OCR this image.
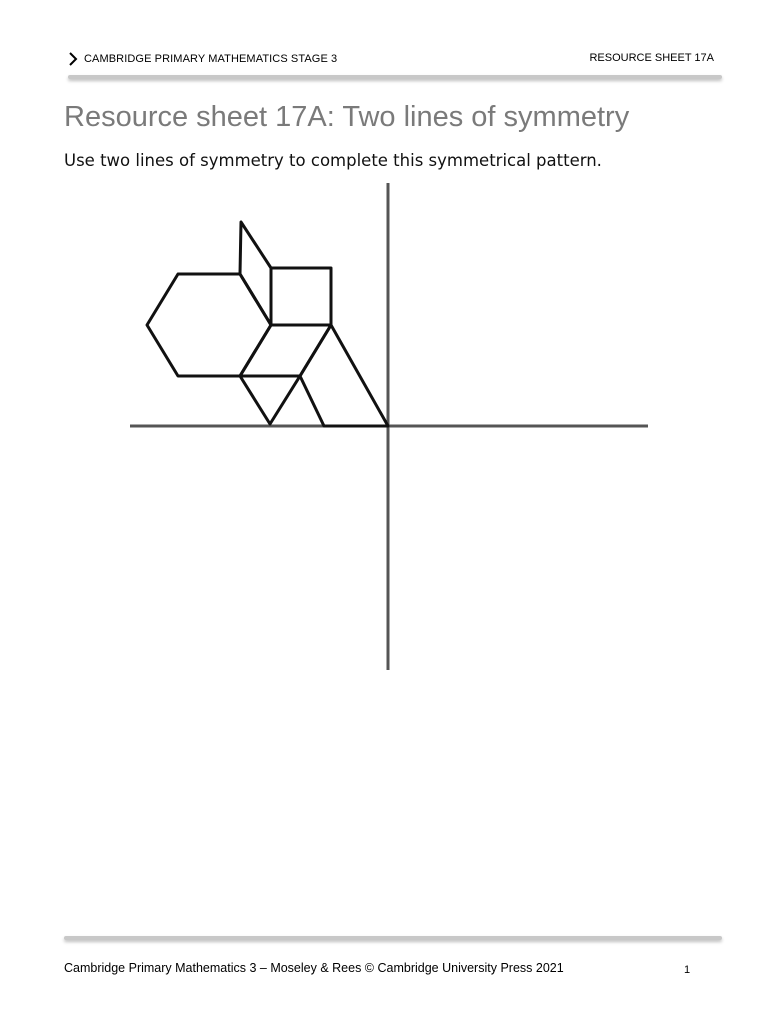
CAMBRIDGE PRIMARY MATHEMATICS STAGE 3	RESOURCE SHEET 17A
Resource sheet 17A: Two lines of symmetry

Use two lines of symmetry to complete this symmetrical pattern.

Cambridge Primary Mathematics 3 – Moseley & Rees © Cambridge University Press 2021	1
